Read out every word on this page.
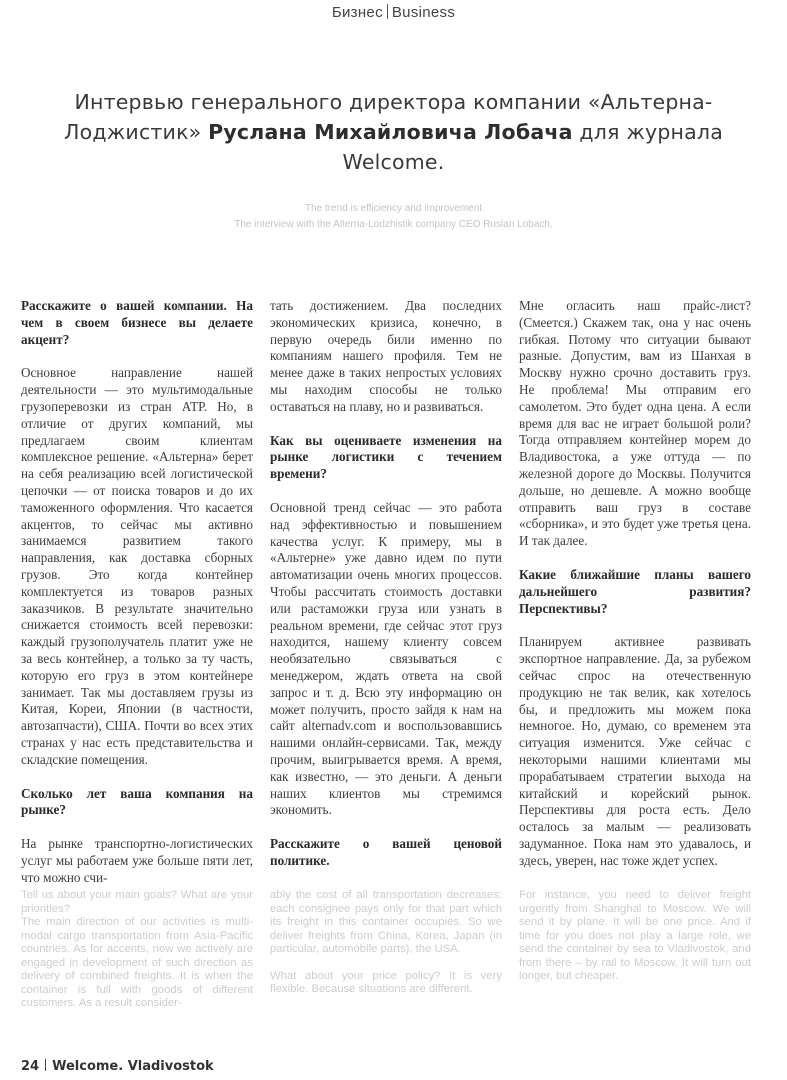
Бизнес Business
Интервью генерального директора компании «Альтерна-Лоджистик» Руслана Михайловича Лобача для журнала Welcome.
The trend is efficiency and improvement
The interview with the Alterna-Lodzhistik company CEO Ruslan Lobach.

Расскажите о вашей компании. На чем в своем бизнесе вы делаете акцент?

Основное направление нашей деятельности — это мультимодальные грузоперевозки из стран АТР. Но, в отличие от других компаний, мы предлагаем своим клиентам комплексное решение. «Альтерна» берет на себя реализацию всей логистической цепочки — от поиска товаров и до их таможенного оформления. Что касается акцентов, то сейчас мы активно занимаемся развитием такого направления, как доставка сборных грузов. Это когда контейнер комплектуется из товаров разных заказчиков. В результате значительно снижается стоимость всей перевозки: каждый грузополучатель платит уже не за весь контейнер, а только за ту часть, которую его груз в этом контейнере занимает. Так мы доставляем грузы из Китая, Кореи, Японии (в частности, автозапчасти), США. Почти во всех этих странах у нас есть представительства и складские помещения.

Сколько лет ваша компания на рынке?

На рынке транспортно-логистических услуг мы работаем уже больше пяти лет, что можно счи-

тать достижением. Два последних экономических кризиса, конечно, в первую очередь били именно по компаниям нашего профиля. Тем не менее даже в таких непростых условиях мы находим способы не только оставаться на плаву, но и развиваться.

Как вы оцениваете изменения на рынке логистики с течением времени?

Основной тренд сейчас — это работа над эффективностью и повышением качества услуг. К примеру, мы в «Альтерне» уже давно идем по пути автоматизации очень многих процессов. Чтобы рассчитать стоимость доставки или растаможки груза или узнать в реальном времени, где сейчас этот груз находится, нашему клиенту совсем необязательно связываться с менеджером, ждать ответа на свой запрос и т. д. Всю эту информацию он может получить, просто зайдя к нам на сайт alternadv.com и воспользовавшись нашими онлайн-сервисами. Так, между прочим, выигрывается время. А время, как известно, — это деньги. А деньги наших клиентов мы стремимся экономить.

Расскажите о вашей ценовой политике.

Мне огласить наш прайс-лист? (Смеется.) Скажем так, она у нас очень гибкая. Потому что ситуации бывают разные. Допустим, вам из Шанхая в Москву нужно срочно доставить груз. Не проблема! Мы отправим его самолетом. Это будет одна цена. А если время для вас не играет большой роли? Тогда отправляем контейнер морем до Владивостока, а уже оттуда — по железной дороге до Москвы. Получится дольше, но дешевле. А можно вообще отправить ваш груз в составе «сборника», и это будет уже третья цена. И так далее.

Какие ближайшие планы вашего дальнейшего развития? Перспективы?

Планируем активнее развивать экспортное направление. Да, за рубежом сейчас спрос на отечественную продукцию не так велик, как хотелось бы, и предложить мы можем пока немногое. Но, думаю, со временем эта ситуация изменится. Уже сейчас с некоторыми нашими клиентами мы прорабатываем стратегии выхода на китайский и корейский рынок. Перспективы для роста есть. Дело осталось за малым — реализовать задуманное. Пока нам это удавалось, и здесь, уверен, нас тоже ждет успех.

Tell us about your main goals? What are your priorities?

The main direction of our activities is multi-modal cargo transportation from Asia-Pacific countries. As for accents, now we actively are engaged in development of such direction as delivery of combined freights. It is when the container is full with goods of different customers. As a result consider-

ably the cost of all transportation decreases: each consignee pays only for that part which its freight in this container occupies. So we deliver freights from China, Korea, Japan (in particular, automobile parts), the USA.

What about your price policy? It is very flexible. Because situations are different.

For instance, you need to deliver freight urgently from Shanghai to Moscow. We will send it by plane. It will be one price. And if time for you does not play a large role, we send the container by sea to Vladivostok, and from there – by rail to Moscow. It will turn out longer, but cheaper.

24 Welcome. Vladivostok
